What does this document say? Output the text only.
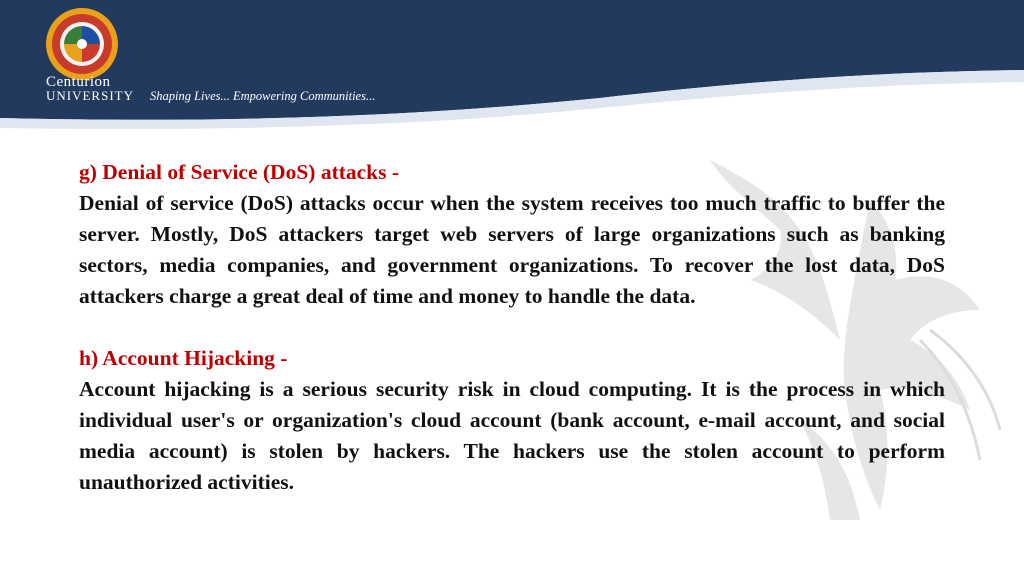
Centurion
UNIVERSITY Shaping Lives... Empowering Communities...

g) Denial of Service (DoS) attacks -

Denial of service (DoS) attacks occur when the system receives too much traffic to buffer the server. Mostly, DoS attackers target web servers of large organizations such as banking sectors, media companies, and government organizations. To recover the lost data, DoS attackers charge a great deal of time and money to handle the data.

h) Account Hijacking -

Account hijacking is a serious security risk in cloud computing. It is the process in which individual user's or organization's cloud account (bank account, e-mail account, and social media account) is stolen by hackers. The hackers use the stolen account to perform unauthorized activities.
